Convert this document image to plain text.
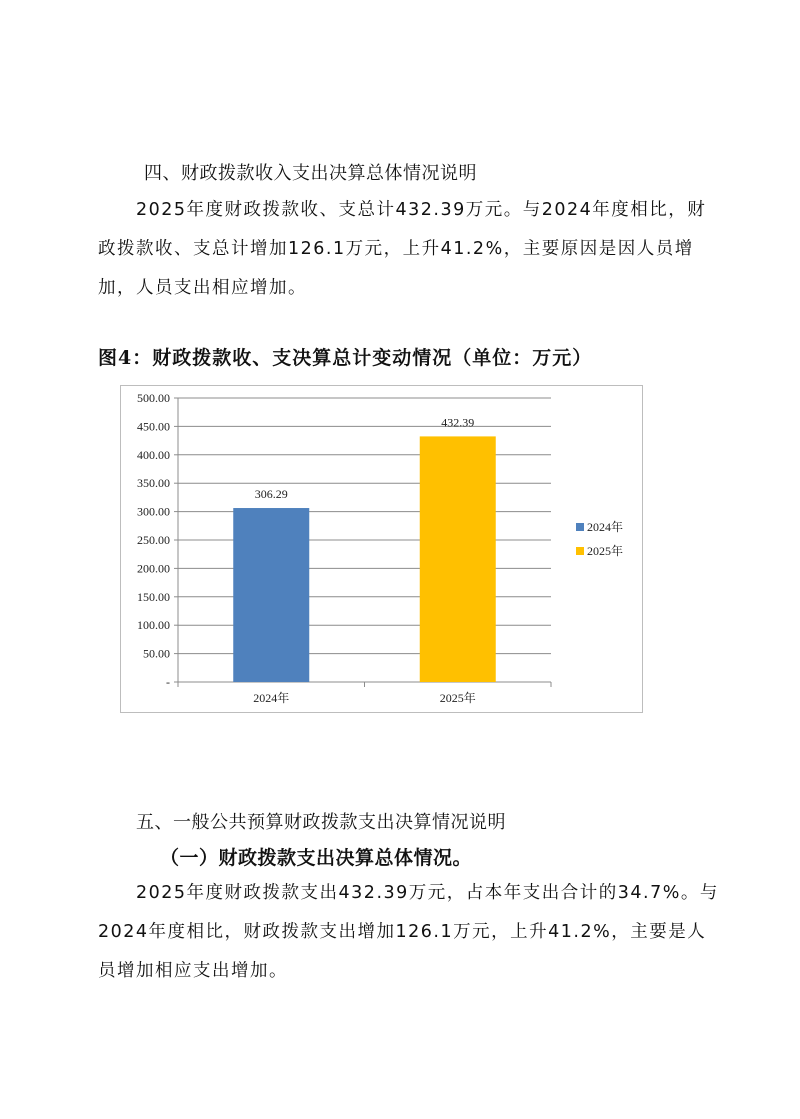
四、财政拨款收入支出决算总体情况说明
2025年度财政拨款收、支总计432.39万元。与2024年度相比，财
政拨款收、支总计增加126.1万元，上升41.2%，主要原因是因人员增
加，人员支出相应增加。
图4：财政拨款收、支决算总计变动情况（单位：万元）
-
50.00
100.00
150.00
200.00
250.00
300.00
350.00
400.00
450.00
500.00
306.29
2024年
432.39
2025年
2024年
2025年
五、一般公共预算财政拨款支出决算情况说明
（一）财政拨款支出决算总体情况。
2025年度财政拨款支出432.39万元，占本年支出合计的34.7%。与
2024年度相比，财政拨款支出增加126.1万元，上升41.2%，主要是人
员增加相应支出增加。
